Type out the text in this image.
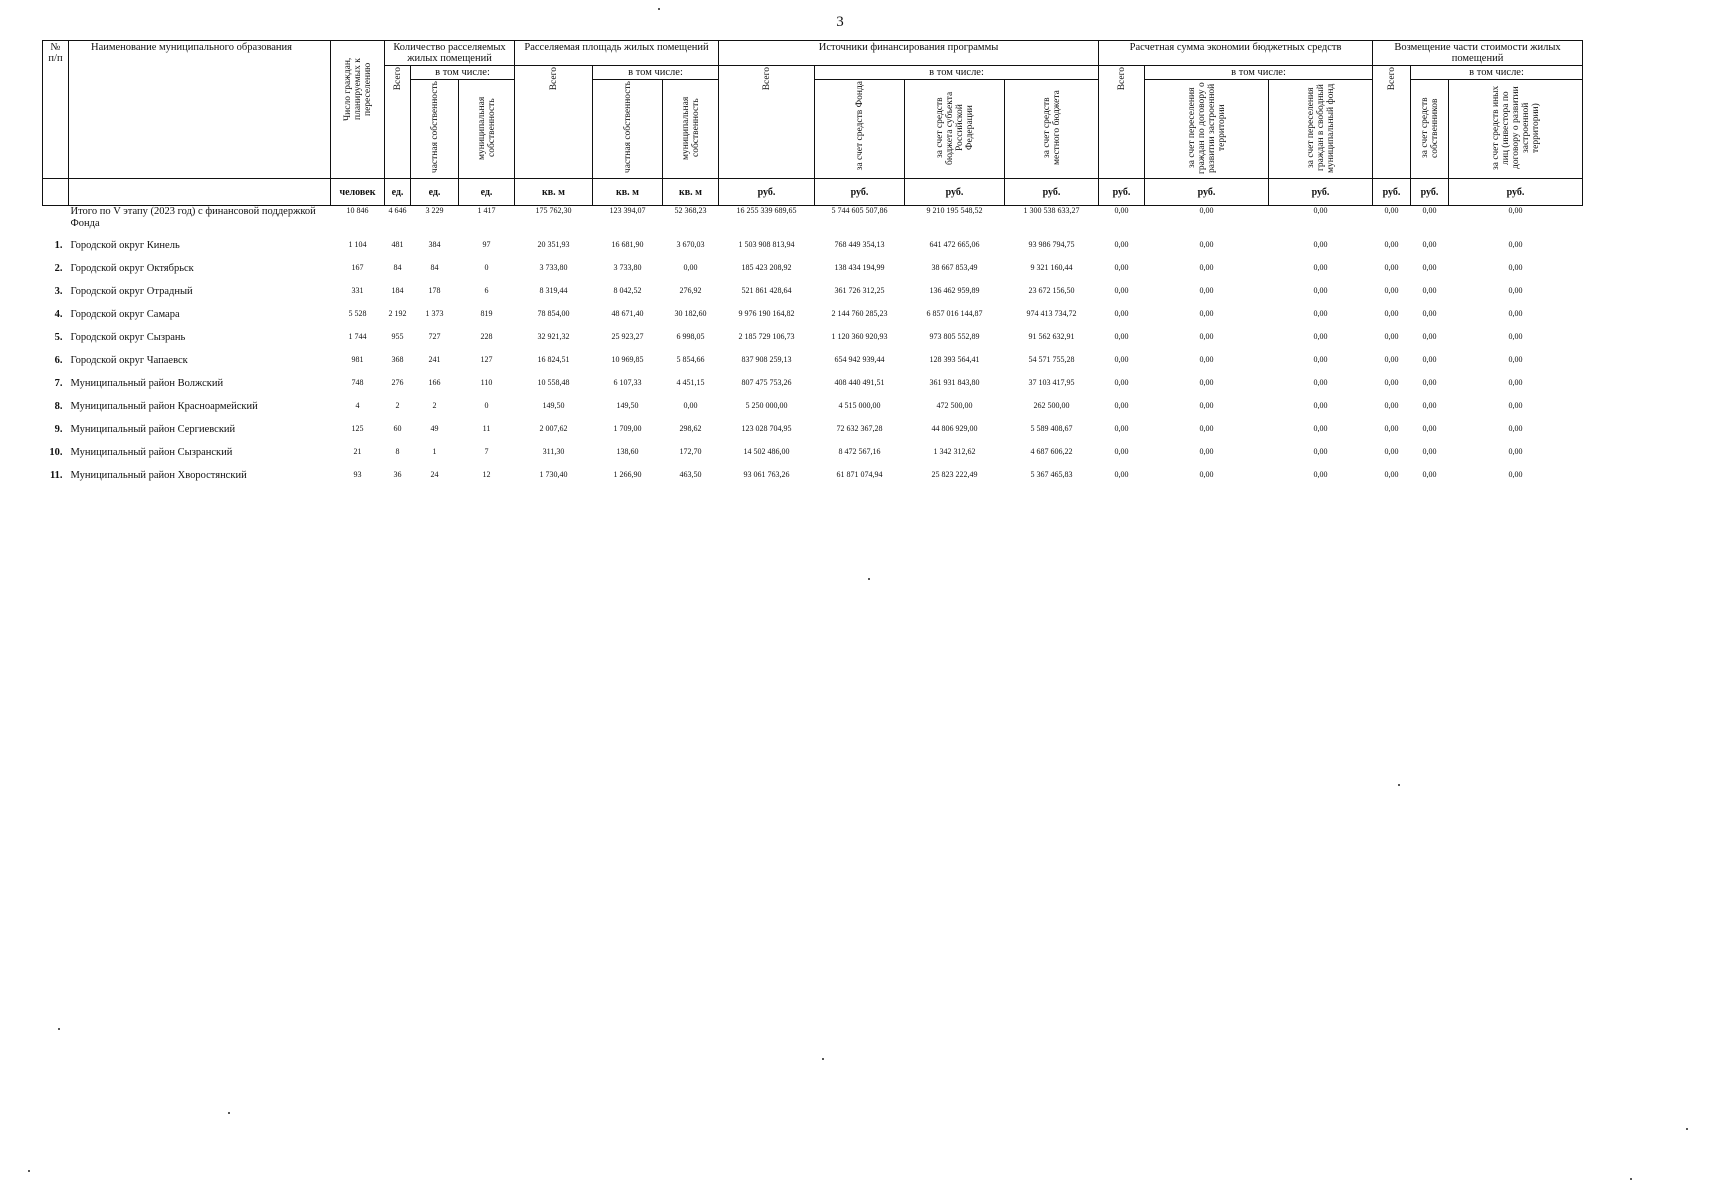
3
№ п/п	Наименование муниципального образования	Число граждан, планируемых к переселению	Количество расселяемых жилых помещений			Расселяемая площадь жилых помещений			Источники финансирования программы				Расчетная сумма экономии бюджетных средств			Возмещение части стоимости жилых помещений		

			Всего	в том числе:		Всего	в том числе:		Всего	в том числе:			Всего	в том числе:		Всего	в том числе:	

				частная собственность	муниципальная собственность		частная собственность	муниципальная собственность		за счет средств Фонда	за счет средств бюджета субъекта Российской Федерации	за счет средств местного бюджета		за счет переселения граждан по договору о развитии застроенной территории	за счет переселения граждан в свободный муниципальный фонд		за счет средств собственников	за счет средств иных лиц (инвестора по договору о развитии застроенной территории)

		человек	ед.	ед.	ед.	кв. м	кв. м	кв. м	руб.	руб.	руб.	руб.	руб.	руб.	руб.	руб.	руб.	руб.
	Итого по V этапу (2023 год) с финансовой поддержкой Фонда	10 846	4 646	3 229	1 417	175 762,30	123 394,07	52 368,23	16 255 339 689,65	5 744 605 507,86	9 210 195 548,52	1 300 538 633,27	0,00	0,00	0,00	0,00	0,00	0,00
1.	Городской округ Кинель	1 104	481	384	97	20 351,93	16 681,90	3 670,03	1 503 908 813,94	768 449 354,13	641 472 665,06	93 986 794,75	0,00	0,00	0,00	0,00	0,00	0,00
2.	Городской округ Октябрьск	167	84	84	0	3 733,80	3 733,80	0,00	185 423 208,92	138 434 194,99	38 667 853,49	9 321 160,44	0,00	0,00	0,00	0,00	0,00	0,00
3.	Городской округ Отрадный	331	184	178	6	8 319,44	8 042,52	276,92	521 861 428,64	361 726 312,25	136 462 959,89	23 672 156,50	0,00	0,00	0,00	0,00	0,00	0,00
4.	Городской округ Самара	5 528	2 192	1 373	819	78 854,00	48 671,40	30 182,60	9 976 190 164,82	2 144 760 285,23	6 857 016 144,87	974 413 734,72	0,00	0,00	0,00	0,00	0,00	0,00
5.	Городской округ Сызрань	1 744	955	727	228	32 921,32	25 923,27	6 998,05	2 185 729 106,73	1 120 360 920,93	973 805 552,89	91 562 632,91	0,00	0,00	0,00	0,00	0,00	0,00
6.	Городской округ Чапаевск	981	368	241	127	16 824,51	10 969,85	5 854,66	837 908 259,13	654 942 939,44	128 393 564,41	54 571 755,28	0,00	0,00	0,00	0,00	0,00	0,00
7.	Муниципальный район Волжский	748	276	166	110	10 558,48	6 107,33	4 451,15	807 475 753,26	408 440 491,51	361 931 843,80	37 103 417,95	0,00	0,00	0,00	0,00	0,00	0,00
8.	Муниципальный район Красноармейский	4	2	2	0	149,50	149,50	0,00	5 250 000,00	4 515 000,00	472 500,00	262 500,00	0,00	0,00	0,00	0,00	0,00	0,00
9.	Муниципальный район Сергиевский	125	60	49	11	2 007,62	1 709,00	298,62	123 028 704,95	72 632 367,28	44 806 929,00	5 589 408,67	0,00	0,00	0,00	0,00	0,00	0,00
10.	Муниципальный район Сызранский	21	8	1	7	311,30	138,60	172,70	14 502 486,00	8 472 567,16	1 342 312,62	4 687 606,22	0,00	0,00	0,00	0,00	0,00	0,00
11.	Муниципальный район Хворостянский	93	36	24	12	1 730,40	1 266,90	463,50	93 061 763,26	61 871 074,94	25 823 222,49	5 367 465,83	0,00	0,00	0,00	0,00	0,00	0,00
